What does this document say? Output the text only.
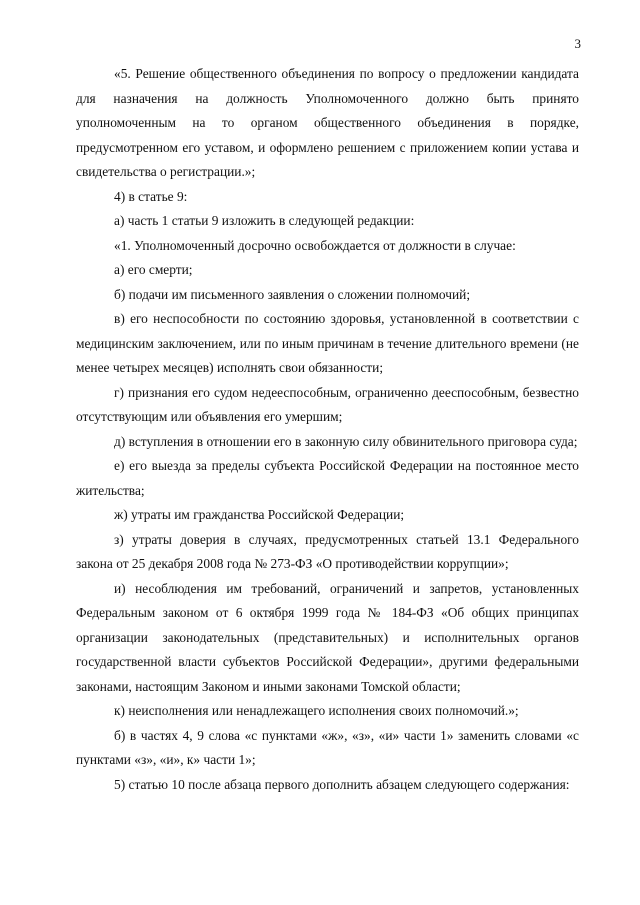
3

«5. Решение общественного объединения по вопросу о предложении кандидата для назначения на должность Уполномоченного должно быть принято уполномоченным на то органом общественного объединения в порядке, предусмотренном его уставом, и оформлено решением с приложением копии устава и свидетельства о регистрации.»;

4) в статье 9:

а) часть 1 статьи 9 изложить в следующей редакции:

«1. Уполномоченный досрочно освобождается от должности в случае:

а) его смерти;

б) подачи им письменного заявления о сложении полномочий;

в) его неспособности по состоянию здоровья, установленной в соответствии с медицинским заключением, или по иным причинам в течение длительного времени (не менее четырех месяцев) исполнять свои обязанности;

г) признания его судом недееспособным, ограниченно дееспособным, безвестно отсутствующим или объявления его умершим;

д) вступления в отношении его в законную силу обвинительного приговора суда;

е) его выезда за пределы субъекта Российской Федерации на постоянное место жительства;

ж) утраты им гражданства Российской Федерации;

з) утраты доверия в случаях, предусмотренных статьей 13.1 Федерального закона от 25 декабря 2008 года № 273-ФЗ «О противодействии коррупции»;

и) несоблюдения им требований, ограничений и запретов, установленных Федеральным законом от 6 октября 1999 года № 184-ФЗ «Об общих принципах организации законодательных (представительных) и исполнительных органов государственной власти субъектов Российской Федерации», другими федеральными законами, настоящим Законом и иными законами Томской области;

к) неисполнения или ненадлежащего исполнения своих полномочий.»;

б) в частях 4, 9 слова «с пунктами «ж», «з», «и» части 1» заменить словами «с пунктами «з», «и», к» части 1»;

5) статью 10 после абзаца первого дополнить абзацем следующего содержания:
